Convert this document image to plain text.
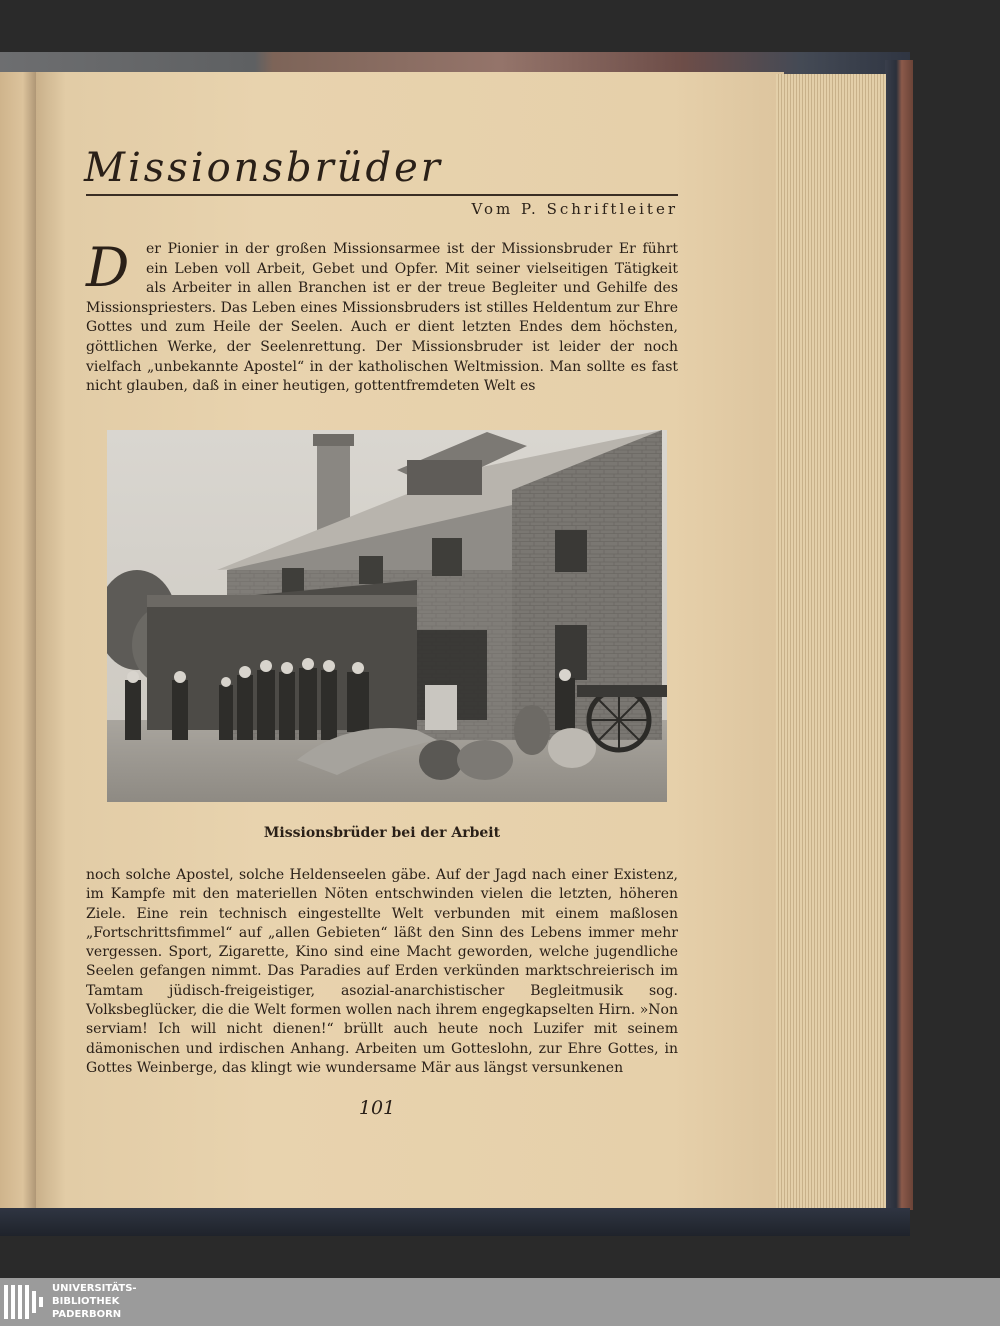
Missionsbrüder
Vom P. Schriftleiter
D	er Pionier in der großen Missionsarmee ist der Missionsbruder Er führt ein Leben voll Arbeit, Gebet und Opfer. Mit seiner vielseitigen Tätigkeit als Arbeiter in allen Branchen ist er der treue Begleiter und Gehilfe des Missionspriesters. Das Leben eines Missionsbruders ist stilles Heldentum zur Ehre Gottes und zum Heile der Seelen. Auch er dient letzten Endes dem höchsten, göttlichen Werke, der Seelenrettung. Der Missionsbruder ist leider der noch vielfach „unbekannte Apostel“ in der katholischen Weltmission. Man sollte es fast nicht glauben, daß in einer heutigen, gottentfremdeten Welt es
Missionsbrüder bei der Arbeit
noch solche Apostel, solche Heldenseelen gäbe. Auf der Jagd nach einer Existenz, im Kampfe mit den materiellen Nöten entschwinden vielen die letzten, höheren Ziele. Eine rein technisch eingestellte Welt verbunden mit einem maßlosen „Fortschrittsfimmel“ auf „allen Gebieten“ läßt den Sinn des Lebens immer mehr vergessen. Sport, Zigarette, Kino sind eine Macht geworden, welche jugendliche Seelen gefangen nimmt. Das Paradies auf Erden verkünden marktschreierisch im Tamtam jüdisch-freigeistiger, asozial-anarchistischer Begleitmusik sog. Volksbeglücker, die die Welt formen wollen nach ihrem engegkapselten Hirn. »Non serviam! Ich will nicht dienen!“ brüllt auch heute noch Luzifer mit seinem dämonischen und irdischen Anhang. Arbeiten um Gotteslohn, zur Ehre Gottes, in Gottes Weinberge, das klingt wie wundersame Mär aus längst versunkenen
101
UNIVERSITÄTS-
BIBLIOTHEK
PADERBORN
